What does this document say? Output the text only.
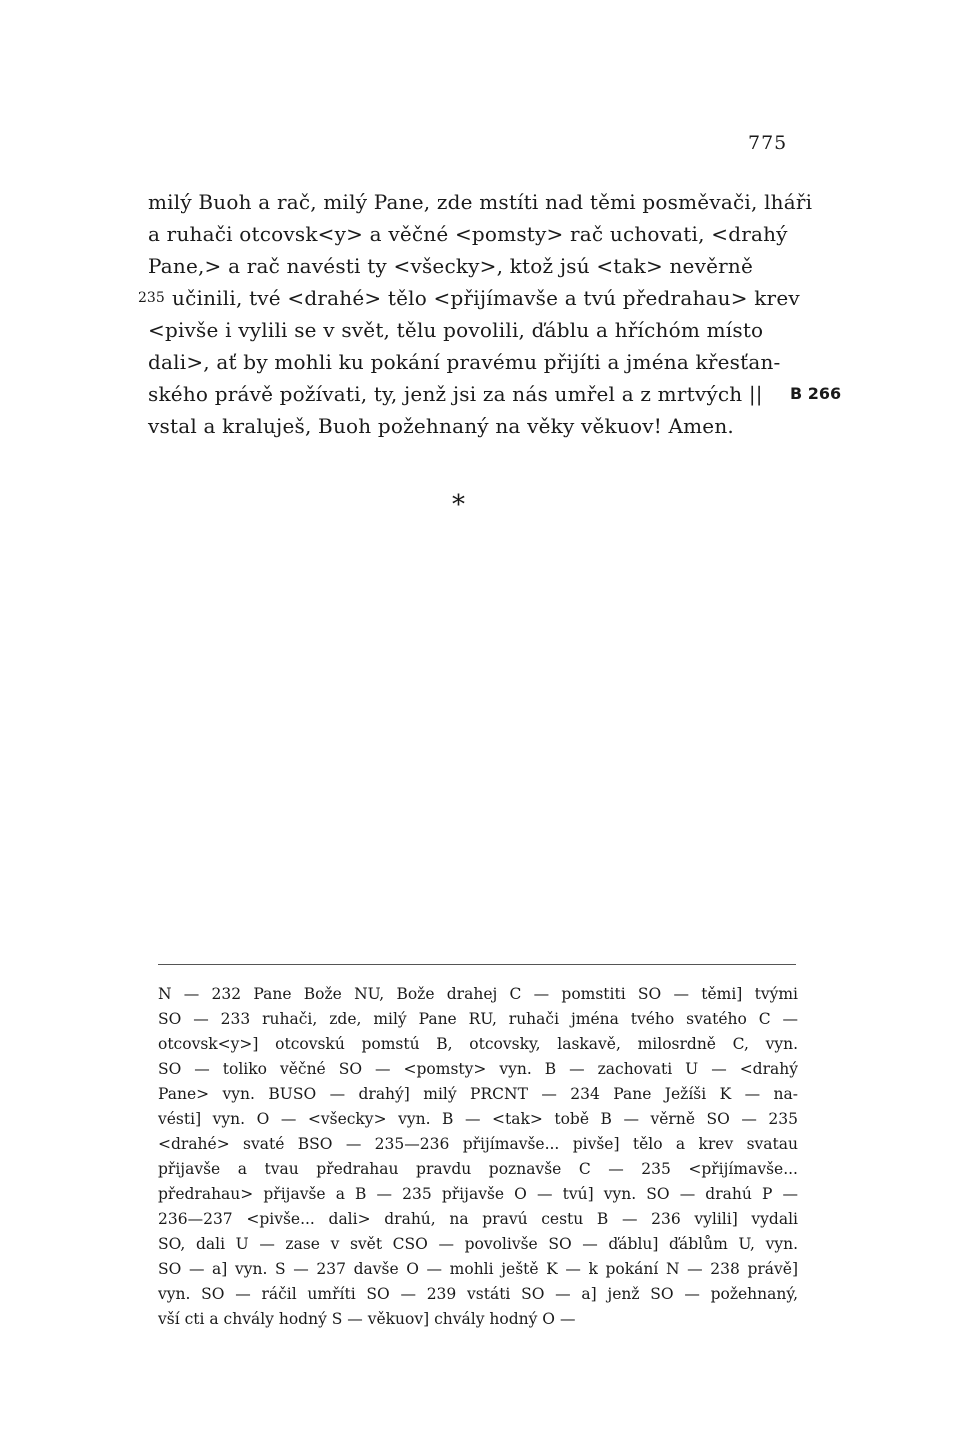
775
milý Buoh a rač, milý Pane, zde mstíti nad těmi posměvači, lháři
a ruhači otcovsk<y> a věčné <pomsty> rač uchovati, <drahý
Pane,> a rač navésti ty <všecky>, ktož jsú <tak> nevěrně
235 učinili, tvé <drahé> tělo <přijímavše a tvú předrahau> krev
<pivše i vylili se v svět, tělu povolili, ďáblu a hříchóm místo
dali>, ať by mohli ku pokání pravému přijíti a jména křesťan-
ského právě požívati, ty, jenž jsi za nás umřel a z mrtvých || B 266
vstal a kraluješ, Buoh požehnaný na věky věkuov! Amen.
*
N — 232 Pane Bože NU, Bože drahej C — pomstiti SO — těmi] tvými
SO — 233 ruhači, zde, milý Pane RU, ruhači jména tvého svatého C —
otcovsk<y>] otcovskú pomstú B, otcovsky, laskavě, milosrdně C, vyn.
SO — toliko věčné SO — <pomsty> vyn. B — zachovati U — <drahý
Pane> vyn. BUSO — drahý] milý PRCNT — 234 Pane Ježíši K — na-
vésti] vyn. O — <všecky> vyn. B — <tak> tobě B — věrně SO — 235
<drahé> svaté BSO — 235—236 přijímavše... pivše] tělo a krev svatau
přijavše a tvau předrahau pravdu poznavše C — 235 <přijímavše...
předrahau> přijavše a B — 235 přijavše O — tvú] vyn. SO — drahú P —
236—237 <pivše... dali> drahú, na pravú cestu B — 236 vylili] vydali
SO, dali U — zase v svět CSO — povolivše SO — ďáblu] ďáblům U, vyn.
SO — a] vyn. S — 237 davše O — mohli ještě K — k pokání N — 238 právě]
vyn. SO — ráčil umříti SO — 239 vstáti SO — a] jenž SO — požehnaný,
vší cti a chvály hodný S — věkuov] chvály hodný O —
